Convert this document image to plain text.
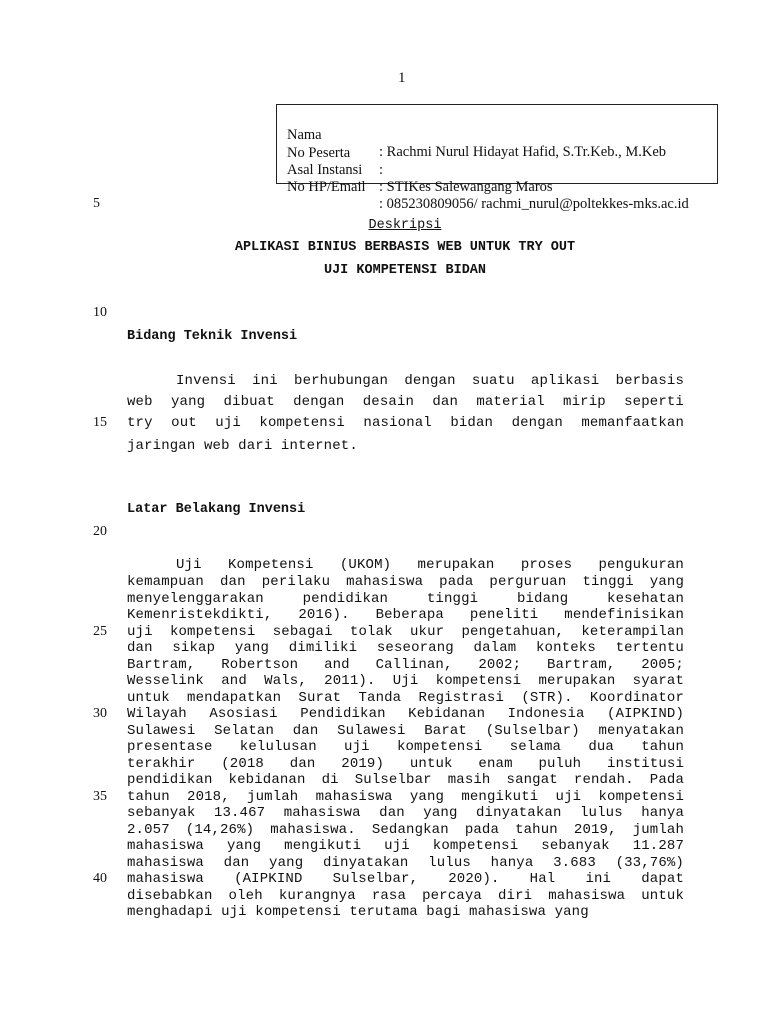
1

Nama

: Rachmi Nurul Hidayat Hafid, S.Tr.Keb., M.Keb

No Peserta

:

Asal Instansi

: STIKes Salewangang Maros

No HP/Email

: 085230809056/ rachmi_nurul@poltekkes-mks.ac.id

5
10
15
20
25
30
35
40
Deskripsi
APLIKASI BINIUS BERBASIS WEB UNTUK TRY OUT
UJI KOMPETENSI BIDAN
Bidang Teknik Invensi
Invensi ini berhubungan dengan suatu aplikasi berbasis
web yang dibuat dengan desain dan material mirip seperti
try out uji kompetensi nasional bidan dengan memanfaatkan
jaringan web dari internet.
Latar Belakang Invensi
Uji Kompetensi (UKOM) merupakan proses pengukuran
kemampuan dan perilaku mahasiswa pada perguruan tinggi yang
menyelenggarakan pendidikan tinggi bidang kesehatan
Kemenristekdikti, 2016). Beberapa peneliti mendefinisikan
uji kompetensi sebagai tolak ukur pengetahuan, keterampilan
dan sikap yang dimiliki seseorang dalam konteks tertentu
Bartram, Robertson and Callinan, 2002; Bartram, 2005;
Wesselink and Wals, 2011). Uji kompetensi merupakan syarat
untuk mendapatkan Surat Tanda Registrasi (STR). Koordinator
Wilayah Asosiasi Pendidikan Kebidanan Indonesia (AIPKIND)
Sulawesi Selatan dan Sulawesi Barat (Sulselbar) menyatakan
presentase kelulusan uji kompetensi selama dua tahun
terakhir (2018 dan 2019) untuk enam puluh institusi
pendidikan kebidanan di Sulselbar masih sangat rendah. Pada
tahun 2018, jumlah mahasiswa yang mengikuti uji kompetensi
sebanyak 13.467 mahasiswa dan yang dinyatakan lulus hanya
2.057 (14,26%) mahasiswa. Sedangkan pada tahun 2019, jumlah
mahasiswa yang mengikuti uji kompetensi sebanyak 11.287
mahasiswa dan yang dinyatakan lulus hanya 3.683 (33,76%)
mahasiswa (AIPKIND Sulselbar, 2020). Hal ini dapat
disebabkan oleh kurangnya rasa percaya diri mahasiswa untuk
menghadapi uji kompetensi terutama bagi mahasiswa yang
